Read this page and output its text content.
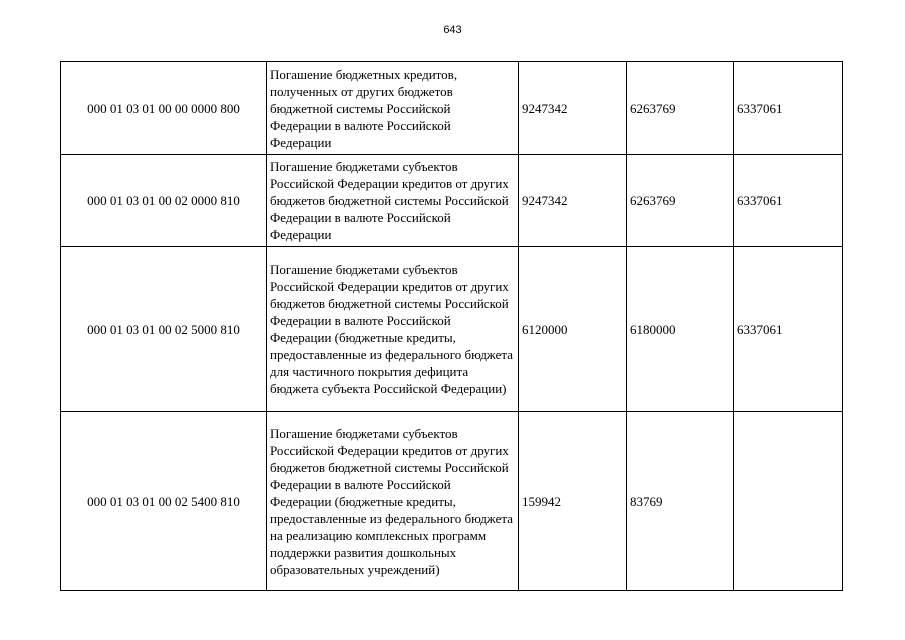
643
000 01 03 01 00 00 0000 800	Погашение бюджетных кредитов, полученных от других бюджетов бюджетной системы Российской Федерации в валюте Российской Федерации	9247342	6263769	6337061
000 01 03 01 00 02 0000 810	Погашение бюджетами субъектов Российской Федерации кредитов от других бюджетов бюджетной системы Российской Федерации в валюте Российской Федерации	9247342	6263769	6337061
000 01 03 01 00 02 5000 810	Погашение бюджетами субъектов Российской Федерации кредитов от других бюджетов бюджетной системы Российской Федерации в валюте Российской Федерации (бюджетные кредиты, предоставленные из федерального бюджета для частичного покрытия дефицита бюджета субъекта Российской Федерации)	6120000	6180000	6337061
000 01 03 01 00 02 5400 810	Погашение бюджетами субъектов Российской Федерации кредитов от других бюджетов бюджетной системы Российской Федерации в валюте Российской Федерации (бюджетные кредиты, предоставленные из федерального бюджета на реализацию комплексных программ поддержки развития дошкольных образовательных учреждений)	159942	83769	
